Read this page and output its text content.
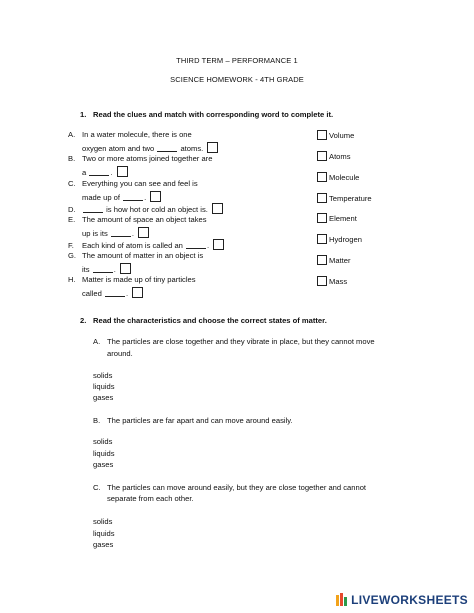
THIRD TERM – PERFORMANCE 1
SCIENCE HOMEWORK - 4TH GRADE
1. Read the clues and match with corresponding word to complete it.
A. In a water molecule, there is one
oxygen atom and two	atoms.
B. Two or more atoms joined together are
a	.
C. Everything you can see and feel is
made up of	.
D.	is how hot or cold an object is.
E. The amount of space an object takes
up is its	.
F. Each kind of atom is called an	.
G. The amount of matter in an object is
its	.
H. Matter is made up of tiny particles
called	.
Volume
Atoms
Molecule
Temperature
Element
Hydrogen
Matter
Mass
2. Read the characteristics and choose the correct states of matter.
A. The particles are close together and they vibrate in place, but they cannot move
around.
solids
liquids
gases
B. The particles are far apart and can move around easily.
solids
liquids
gases
C. The particles can move around easily, but they are close together and cannot
separate from each other.
solids
liquids
gases
LIVEWORKSHEETS
